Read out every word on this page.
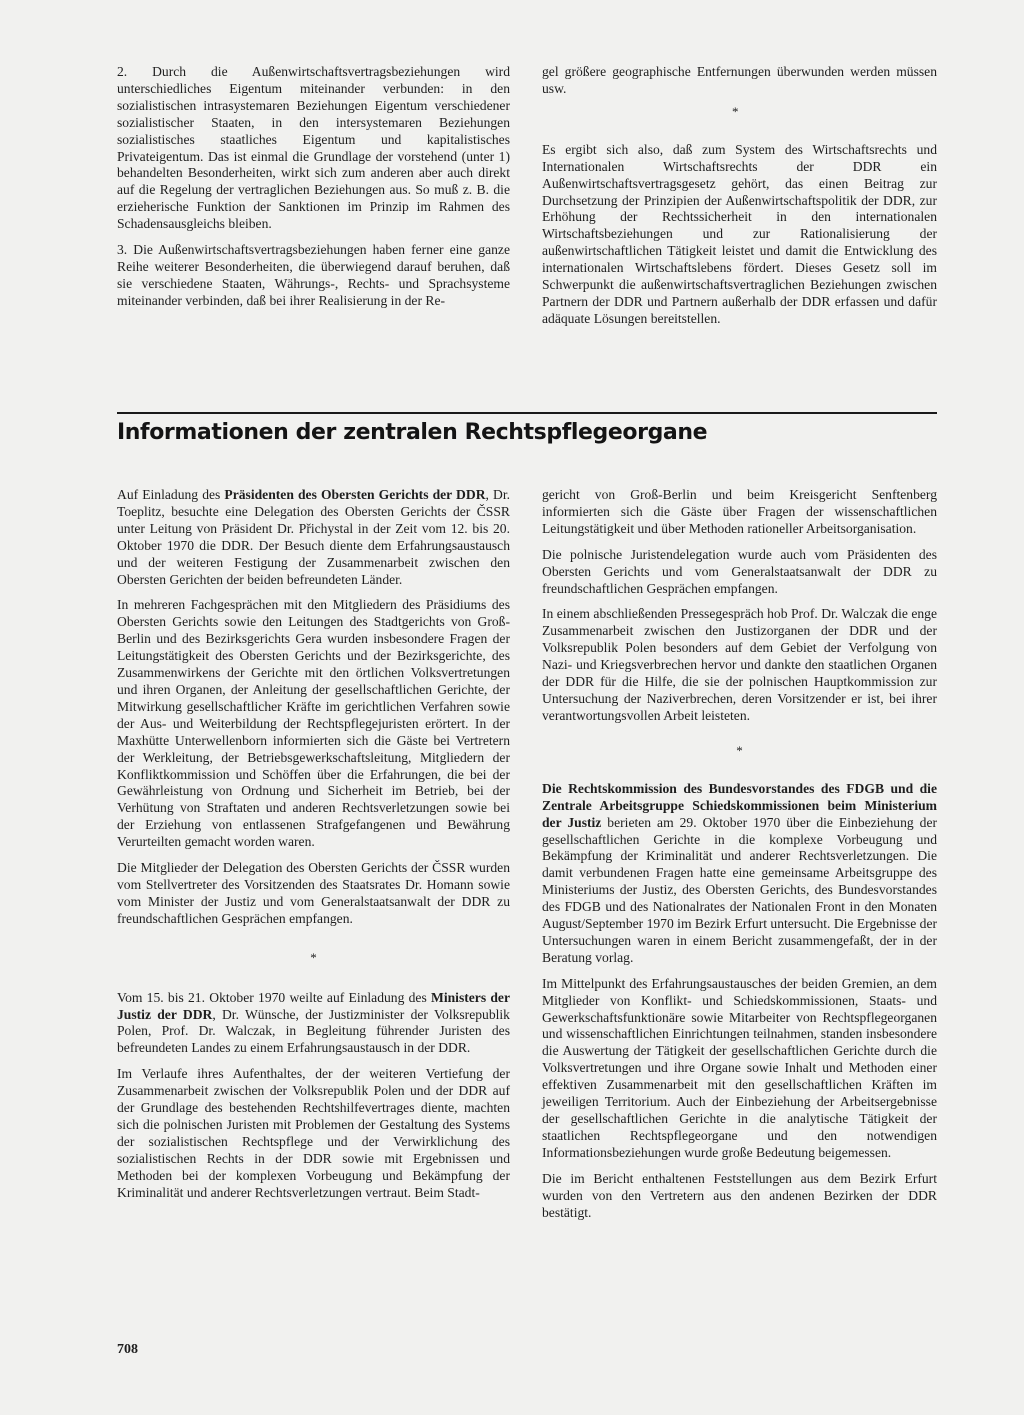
2. Durch die Außenwirtschaftsvertragsbeziehungen wird unterschiedliches Eigentum miteinander verbunden: in den sozialistischen intrasystemaren Beziehungen Eigentum verschiedener sozialistischer Staaten, in den intersystemaren Beziehungen sozialistisches staatliches Eigentum und kapitalistisches Privateigentum. Das ist einmal die Grundlage der vorstehend (unter 1) behandelten Besonderheiten, wirkt sich zum anderen aber auch direkt auf die Regelung der vertraglichen Beziehungen aus. So muß z. B. die erzieherische Funktion der Sanktionen im Prinzip im Rahmen des Schadensausgleichs bleiben.

3. Die Außenwirtschaftsvertragsbeziehungen haben ferner eine ganze Reihe weiterer Besonderheiten, die überwiegend darauf beruhen, daß sie verschiedene Staaten, Währungs-, Rechts- und Sprachsysteme miteinander verbinden, daß bei ihrer Realisierung in der Re-

gel größere geographische Entfernungen überwunden werden müssen usw.

*

Es ergibt sich also, daß zum System des Wirtschaftsrechts und Internationalen Wirtschaftsrechts der DDR ein Außenwirtschaftsvertragsgesetz gehört, das einen Beitrag zur Durchsetzung der Prinzipien der Außenwirtschaftspolitik der DDR, zur Erhöhung der Rechtssicherheit in den internationalen Wirtschaftsbeziehungen und zur Rationalisierung der außenwirtschaftlichen Tätigkeit leistet und damit die Entwicklung des internationalen Wirtschaftslebens fördert. Dieses Gesetz soll im Schwerpunkt die außenwirtschaftsvertraglichen Beziehungen zwischen Partnern der DDR und Partnern außerhalb der DDR erfassen und dafür adäquate Lösungen bereitstellen.

Informationen der zentralen Rechtspflegeorgane

Auf Einladung des Präsidenten des Obersten Gerichts der DDR, Dr. Toeplitz, besuchte eine Delegation des Obersten Gerichts der ČSSR unter Leitung von Präsident Dr. Přichystal in der Zeit vom 12. bis 20. Oktober 1970 die DDR. Der Besuch diente dem Erfahrungsaustausch und der weiteren Festigung der Zusammenarbeit zwischen den Obersten Gerichten der beiden befreundeten Länder.

In mehreren Fachgesprächen mit den Mitgliedern des Präsidiums des Obersten Gerichts sowie den Leitungen des Stadtgerichts von Groß-Berlin und des Bezirksgerichts Gera wurden insbesondere Fragen der Leitungstätigkeit des Obersten Gerichts und der Bezirksgerichte, des Zusammenwirkens der Gerichte mit den örtlichen Volksvertretungen und ihren Organen, der Anleitung der gesellschaftlichen Gerichte, der Mitwirkung gesellschaftlicher Kräfte im gerichtlichen Verfahren sowie der Aus- und Weiterbildung der Rechtspflegejuristen erörtert. In der Maxhütte Unterwellenborn informierten sich die Gäste bei Vertretern der Werkleitung, der Betriebsgewerkschaftsleitung, Mitgliedern der Konfliktkommission und Schöffen über die Erfahrungen, die bei der Gewährleistung von Ordnung und Sicherheit im Betrieb, bei der Verhütung von Straftaten und anderen Rechtsverletzungen sowie bei der Erziehung von entlassenen Strafgefangenen und Bewährung Verurteilten gemacht worden waren.

Die Mitglieder der Delegation des Obersten Gerichts der ČSSR wurden vom Stellvertreter des Vorsitzenden des Staatsrates Dr. Homann sowie vom Minister der Justiz und vom Generalstaatsanwalt der DDR zu freundschaftlichen Gesprächen empfangen.

*

Vom 15. bis 21. Oktober 1970 weilte auf Einladung des Ministers der Justiz der DDR, Dr. Wünsche, der Justizminister der Volksrepublik Polen, Prof. Dr. Walczak, in Begleitung führender Juristen des befreundeten Landes zu einem Erfahrungsaustausch in der DDR.

Im Verlaufe ihres Aufenthaltes, der der weiteren Vertiefung der Zusammenarbeit zwischen der Volksrepublik Polen und der DDR auf der Grundlage des bestehenden Rechtshilfevertrages diente, machten sich die polnischen Juristen mit Problemen der Gestaltung des Systems der sozialistischen Rechtspflege und der Verwirklichung des sozialistischen Rechts in der DDR sowie mit Ergebnissen und Methoden bei der komplexen Vorbeugung und Bekämpfung der Kriminalität und anderer Rechtsverletzungen vertraut. Beim Stadt-

gericht von Groß-Berlin und beim Kreisgericht Senftenberg informierten sich die Gäste über Fragen der wissenschaftlichen Leitungstätigkeit und über Methoden rationeller Arbeitsorganisation.

Die polnische Juristendelegation wurde auch vom Präsidenten des Obersten Gerichts und vom Generalstaatsanwalt der DDR zu freundschaftlichen Gesprächen empfangen.

In einem abschließenden Pressegespräch hob Prof. Dr. Walczak die enge Zusammenarbeit zwischen den Justizorganen der DDR und der Volksrepublik Polen besonders auf dem Gebiet der Verfolgung von Nazi- und Kriegsverbrechen hervor und dankte den staatlichen Organen der DDR für die Hilfe, die sie der polnischen Hauptkommission zur Untersuchung der Naziverbrechen, deren Vorsitzender er ist, bei ihrer verantwortungsvollen Arbeit leisteten.

*

Die Rechtskommission des Bundesvorstandes des FDGB und die Zentrale Arbeitsgruppe Schiedskommissionen beim Ministerium der Justiz berieten am 29. Oktober 1970 über die Einbeziehung der gesellschaftlichen Gerichte in die komplexe Vorbeugung und Bekämpfung der Kriminalität und anderer Rechtsverletzungen. Die damit verbundenen Fragen hatte eine gemeinsame Arbeitsgruppe des Ministeriums der Justiz, des Obersten Gerichts, des Bundesvorstandes des FDGB und des Nationalrates der Nationalen Front in den Monaten August/September 1970 im Bezirk Erfurt untersucht. Die Ergebnisse der Untersuchungen waren in einem Bericht zusammengefaßt, der in der Beratung vorlag.

Im Mittelpunkt des Erfahrungsaustausches der beiden Gremien, an dem Mitglieder von Konflikt- und Schiedskommissionen, Staats- und Gewerkschaftsfunktionäre sowie Mitarbeiter von Rechtspflegeorganen und wissenschaftlichen Einrichtungen teilnahmen, standen insbesondere die Auswertung der Tätigkeit der gesellschaftlichen Gerichte durch die Volksvertretungen und ihre Organe sowie Inhalt und Methoden einer effektiven Zusammenarbeit mit den gesellschaftlichen Kräften im jeweiligen Territorium. Auch der Einbeziehung der Arbeitsergebnisse der gesellschaftlichen Gerichte in die analytische Tätigkeit der staatlichen Rechtspflegeorgane und den notwendigen Informationsbeziehungen wurde große Bedeutung beigemessen.

Die im Bericht enthaltenen Feststellungen aus dem Bezirk Erfurt wurden von den Vertretern aus den andenen Bezirken der DDR bestätigt.

708
